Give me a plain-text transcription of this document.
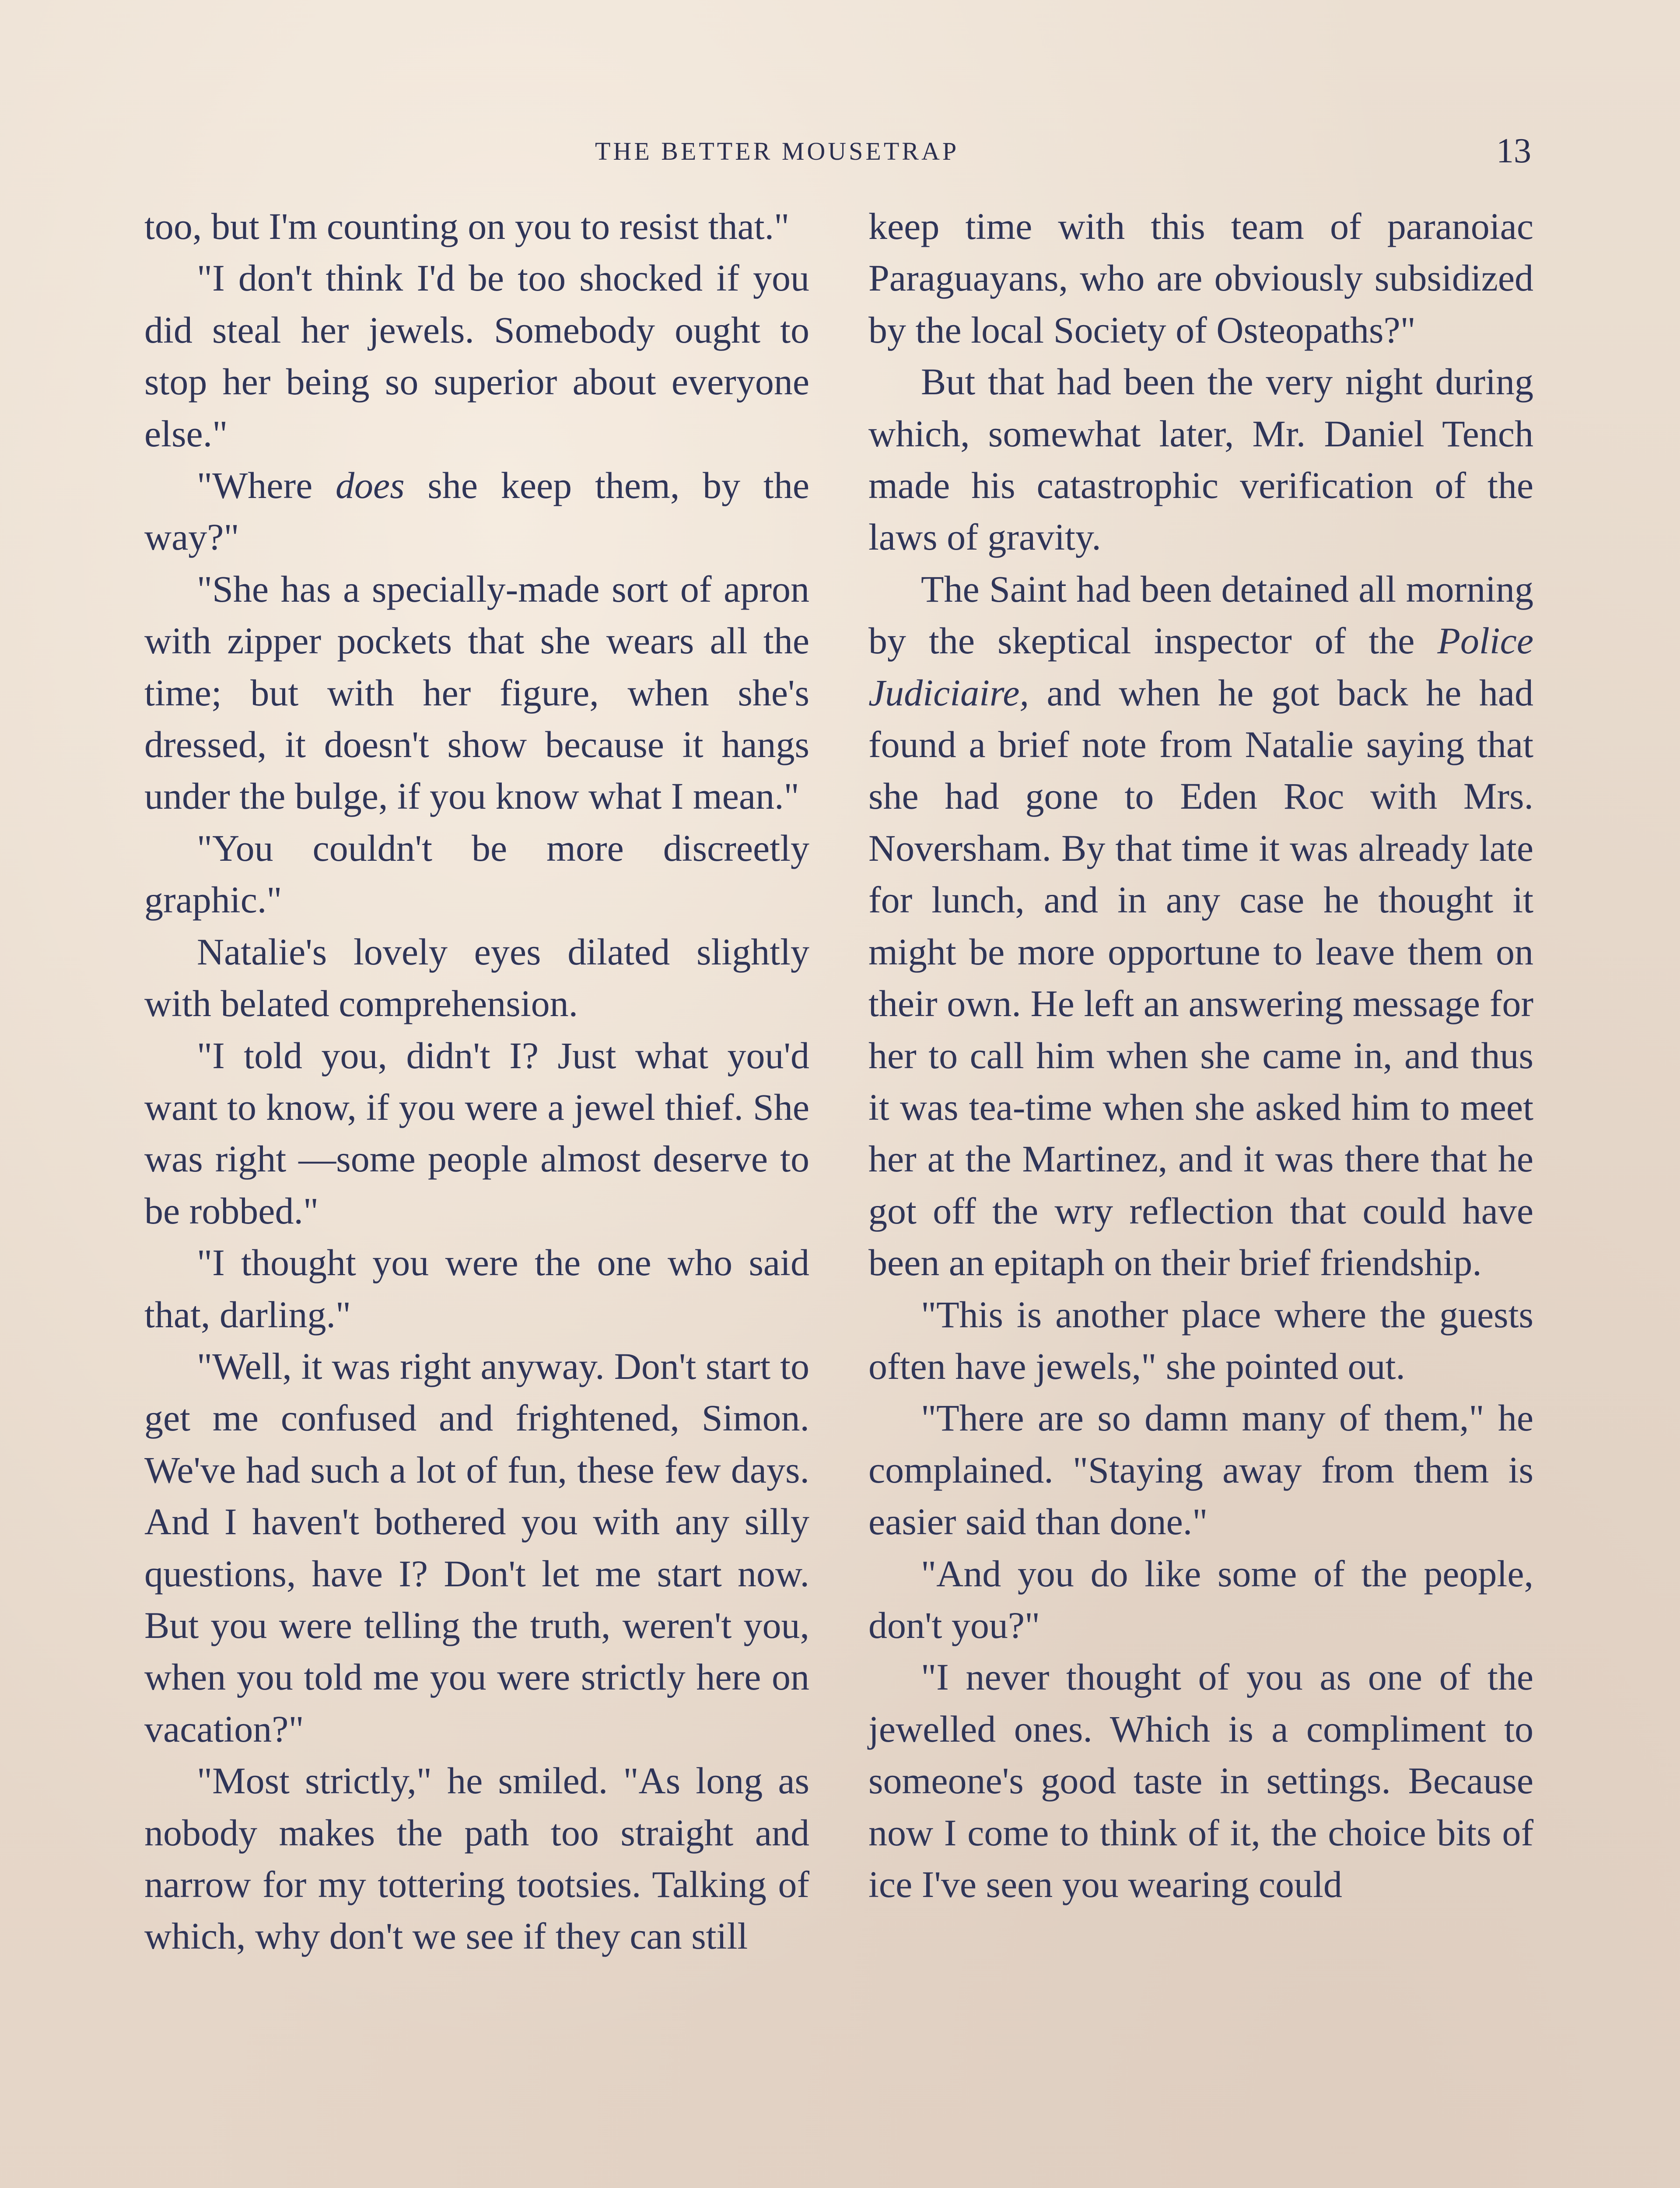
THE BETTER MOUSETRAP	13

too, but I'm counting on you to resist that."

"I don't think I'd be too shocked if you did steal her jewels. Somebody ought to stop her being so superior about everyone else."

"Where does she keep them, by the way?"

"She has a specially-made sort of apron with zipper pockets that she wears all the time; but with her figure, when she's dressed, it doesn't show because it hangs under the bulge, if you know what I mean."

"You couldn't be more discreetly graphic."

Natalie's lovely eyes dilated slightly with belated comprehension.

"I told you, didn't I? Just what you'd want to know, if you were a jewel thief. She was right —some people almost deserve to be robbed."

"I thought you were the one who said that, darling."

"Well, it was right anyway. Don't start to get me confused and frightened, Simon. We've had such a lot of fun, these few days. And I haven't bothered you with any silly questions, have I? Don't let me start now. But you were telling the truth, weren't you, when you told me you were strictly here on vacation?"

"Most strictly," he smiled. "As long as nobody makes the path too straight and narrow for my tottering tootsies. Talking of which, why don't we see if they can still

keep time with this team of paranoiac Paraguayans, who are obviously subsidized by the local Society of Osteopaths?"

But that had been the very night during which, somewhat later, Mr. Daniel Tench made his catastrophic verification of the laws of gravity.

The Saint had been detained all morning by the skeptical inspector of the Police Judiciaire, and when he got back he had found a brief note from Natalie saying that she had gone to Eden Roc with Mrs. Noversham. By that time it was already late for lunch, and in any case he thought it might be more opportune to leave them on their own. He left an answering message for her to call him when she came in, and thus it was tea-time when she asked him to meet her at the Martinez, and it was there that he got off the wry reflection that could have been an epitaph on their brief friendship.

"This is another place where the guests often have jewels," she pointed out.

"There are so damn many of them," he complained. "Staying away from them is easier said than done."

"And you do like some of the people, don't you?"

"I never thought of you as one of the jewelled ones. Which is a compliment to someone's good taste in settings. Because now I come to think of it, the choice bits of ice I've seen you wearing could
